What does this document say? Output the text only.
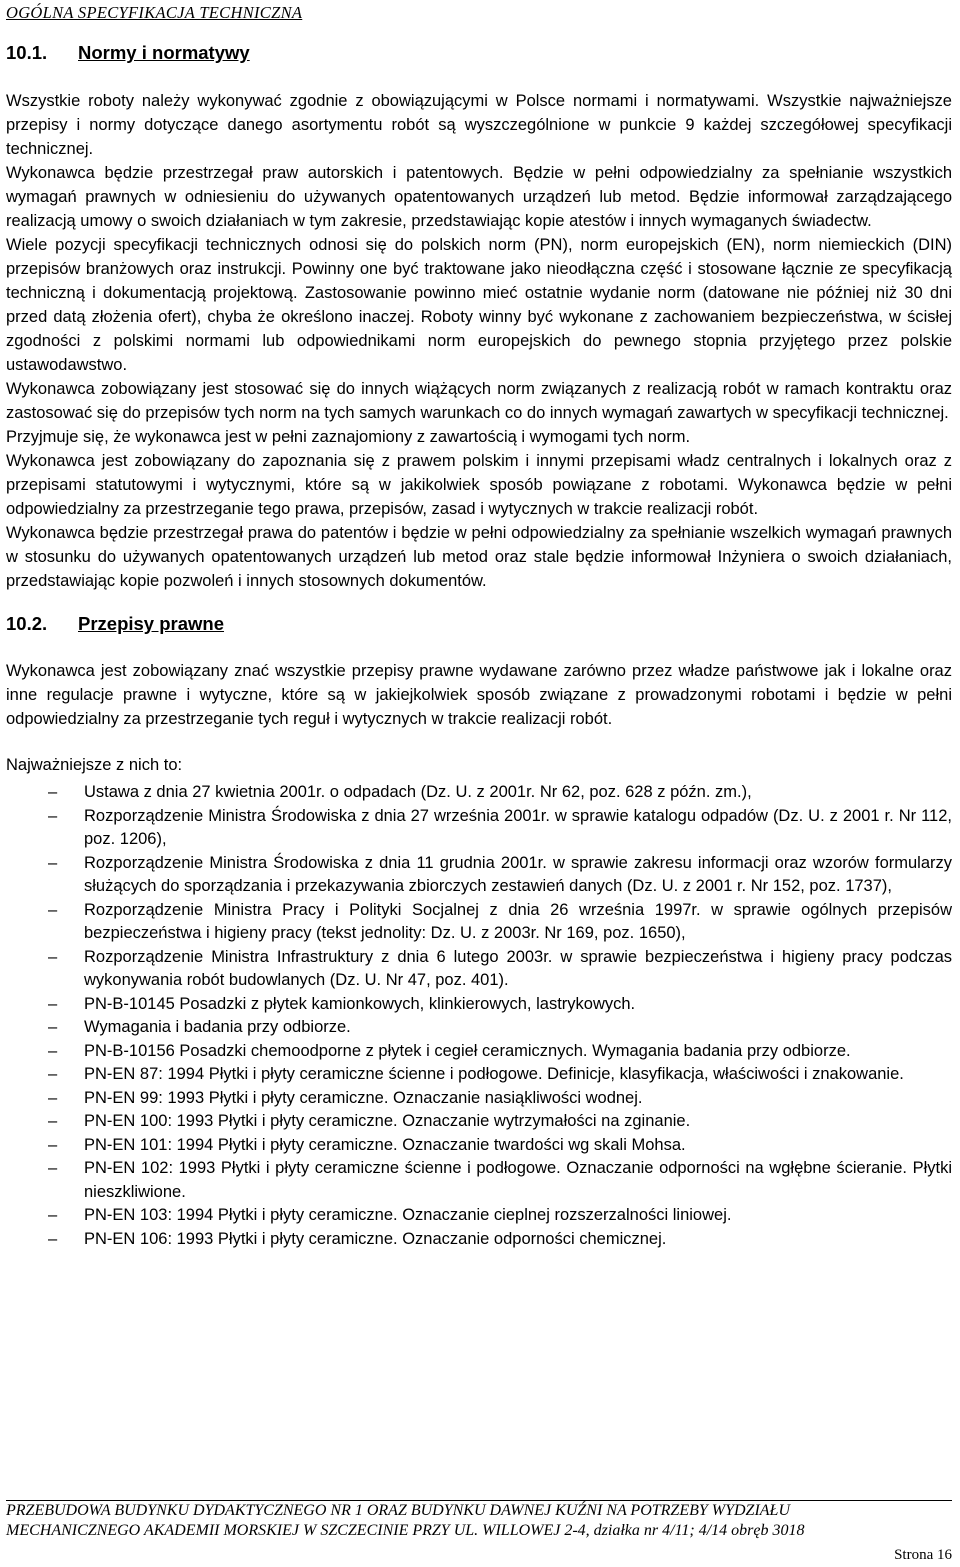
OGÓLNA SPECYFIKACJA TECHNICZNA
10.1.	Normy i normatywy

Wszystkie roboty należy wykonywać zgodnie z obowiązującymi w Polsce normami i normatywami. Wszystkie najważniejsze przepisy i normy dotyczące danego asortymentu robót są wyszczególnione w punkcie 9 każdej szczegółowej specyfikacji technicznej.

Wykonawca będzie przestrzegał praw autorskich i patentowych. Będzie w pełni odpowiedzialny za spełnianie wszystkich wymagań prawnych w odniesieniu do używanych opatentowanych urządzeń lub metod. Będzie informował zarządzającego realizacją umowy o swoich działaniach w tym zakresie, przedstawiając kopie atestów i innych wymaganych świadectw.

Wiele pozycji specyfikacji technicznych odnosi się do polskich norm (PN), norm europejskich (EN), norm niemieckich (DIN) przepisów branżowych oraz instrukcji. Powinny one być traktowane jako nieodłączna część i stosowane łącznie ze specyfikacją techniczną i dokumentacją projektową. Zastosowanie powinno mieć ostatnie wydanie norm (datowane nie później niż 30 dni przed datą złożenia ofert), chyba że określono inaczej. Roboty winny być wykonane z zachowaniem bezpieczeństwa, w ścisłej zgodności z polskimi normami lub odpowiednikami norm europejskich do pewnego stopnia przyjętego przez polskie ustawodawstwo.

Wykonawca zobowiązany jest stosować się do innych wiążących norm związanych z realizacją robót w ramach kontraktu oraz zastosować się do przepisów tych norm na tych samych warunkach co do innych wymagań zawartych w specyfikacji technicznej.

Przyjmuje się, że wykonawca jest w pełni zaznajomiony z zawartością i wymogami tych norm.

Wykonawca jest zobowiązany do zapoznania się z prawem polskim i innymi przepisami władz centralnych i lokalnych oraz z przepisami statutowymi i wytycznymi, które są w jakikolwiek sposób powiązane z robotami. Wykonawca będzie w pełni odpowiedzialny za przestrzeganie tego prawa, przepisów, zasad i wytycznych w trakcie realizacji robót.

Wykonawca będzie przestrzegał prawa do patentów i będzie w pełni odpowiedzialny za spełnianie wszelkich wymagań prawnych w stosunku do używanych opatentowanych urządzeń lub metod oraz stale będzie informował Inżyniera o swoich działaniach, przedstawiając kopie pozwoleń i innych stosownych dokumentów.

10.2.	Przepisy prawne

Wykonawca jest zobowiązany znać wszystkie przepisy prawne wydawane zarówno przez władze państwowe jak i lokalne oraz inne regulacje prawne i wytyczne, które są w jakiejkolwiek sposób związane z prowadzonymi robotami i będzie w pełni odpowiedzialny za przestrzeganie tych reguł i wytycznych w trakcie realizacji robót.

Najważniejsze z nich to:

–	Ustawa z dnia 27 kwietnia 2001r. o odpadach (Dz. U. z 2001r. Nr 62, poz. 628 z późn. zm.),
–	Rozporządzenie Ministra Środowiska z dnia 27 września 2001r. w sprawie katalogu odpadów (Dz. U. z 2001 r. Nr 112, poz. 1206),
–	Rozporządzenie Ministra Środowiska z dnia 11 grudnia 2001r. w sprawie zakresu informacji oraz wzorów formularzy służących do sporządzania i przekazywania zbiorczych zestawień danych (Dz. U. z 2001 r. Nr 152, poz. 1737),
–	Rozporządzenie Ministra Pracy i Polityki Socjalnej z dnia 26 września 1997r. w sprawie ogólnych przepisów bezpieczeństwa i higieny pracy (tekst jednolity: Dz. U. z 2003r. Nr 169, poz. 1650),
–	Rozporządzenie Ministra Infrastruktury z dnia 6 lutego 2003r. w sprawie bezpieczeństwa i higieny pracy podczas wykonywania robót budowlanych (Dz. U. Nr 47, poz. 401).
–	PN-B-10145 Posadzki z płytek kamionkowych, klinkierowych, lastrykowych.
–	Wymagania i badania przy odbiorze.
–	PN-B-10156 Posadzki chemoodporne z płytek i cegieł ceramicznych. Wymagania badania przy odbiorze.
–	PN-EN 87: 1994 Płytki i płyty ceramiczne ścienne i podłogowe. Definicje, klasyfikacja, właściwości i znakowanie.
–	PN-EN 99: 1993 Płytki i płyty ceramiczne. Oznaczanie nasiąkliwości wodnej.
–	PN-EN 100: 1993 Płytki i płyty ceramiczne. Oznaczanie wytrzymałości na zginanie.
–	PN-EN 101: 1994 Płytki i płyty ceramiczne. Oznaczanie twardości wg skali Mohsa.
–	PN-EN 102: 1993 Płytki i płyty ceramiczne ścienne i podłogowe. Oznaczanie odporności na wgłębne ścieranie. Płytki nieszkliwione.
–	PN-EN 103: 1994 Płytki i płyty ceramiczne. Oznaczanie cieplnej rozszerzalności liniowej.
–	PN-EN 106: 1993 Płytki i płyty ceramiczne. Oznaczanie odporności chemicznej.
PRZEBUDOWA BUDYNKU DYDAKTYCZNEGO NR 1 ORAZ BUDYNKU DAWNEJ KUŹNI NA POTRZEBY WYDZIAŁU
MECHANICZNEGO AKADEMII MORSKIEJ W SZCZECINIE PRZY UL. WILLOWEJ 2-4, działka nr 4/11; 4/14 obręb 3018
Strona 16
